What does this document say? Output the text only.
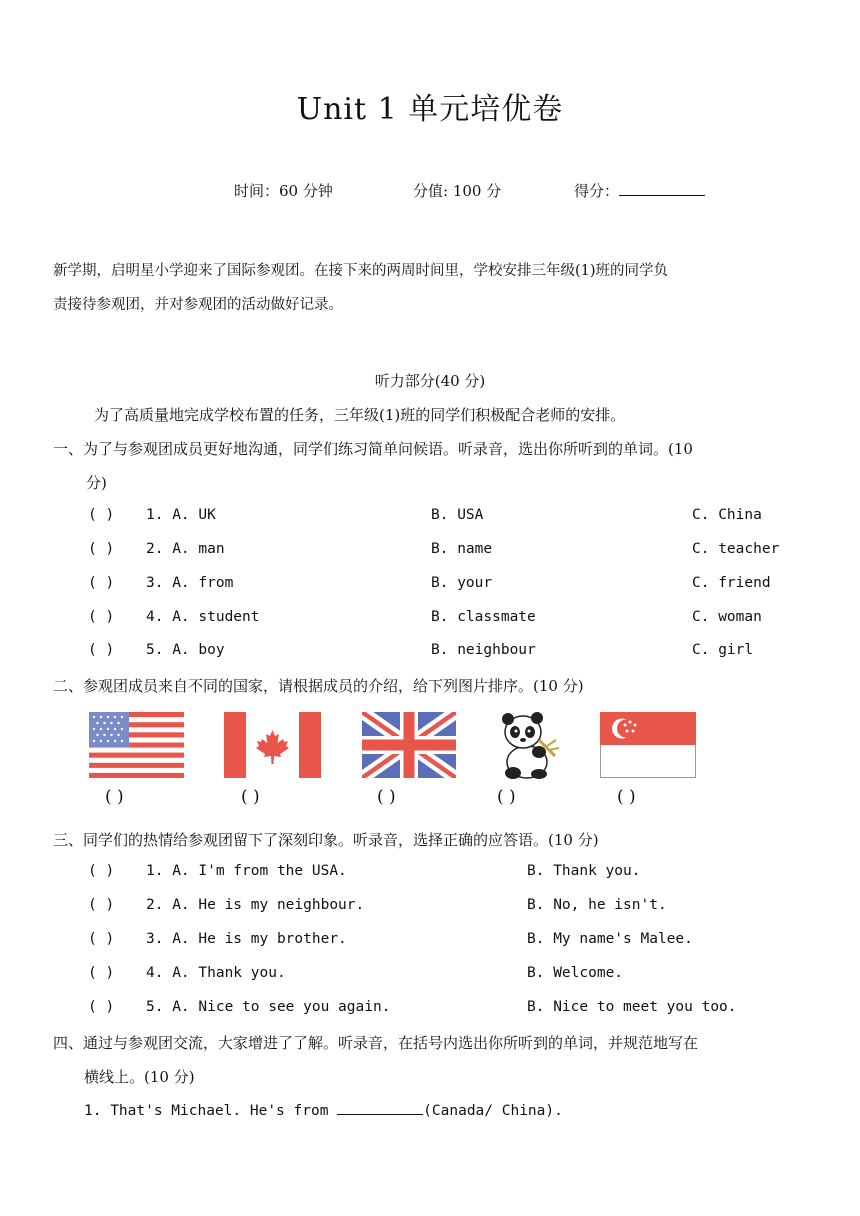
Unit 1 单元培优卷
时间：60 分钟	分值: 100 分	得分：
新学期，启明星小学迎来了国际参观团。在接下来的两周时间里，学校安排三年级(1)班的同学负
责接待参观团，并对参观团的活动做好记录。
听力部分(40 分)
为了高质量地完成学校布置的任务，三年级(1)班的同学们积极配合老师的安排。
一、为了与参观团成员更好地沟通，同学们练习简单问候语。听录音，选出你所听到的单词。(10
分)
( ) 1. A. UK	B. USA	C. China
( ) 2. A. man	B. name	C. teacher
( ) 3. A. from	B. your	C. friend
( ) 4. A. student	B. classmate	C. woman
( ) 5. A. boy	B. neighbour	C. girl
二、参观团成员来自不同的国家，请根据成员的介绍，给下列图片排序。(10 分)
( )	( )	( )	( )	( )
三、同学们的热情给参观团留下了深刻印象。听录音，选择正确的应答语。(10 分)
( ) 1. A. I'm from the USA.	B. Thank you.
( ) 2. A. He is my neighbour.	B. No, he isn't.
( ) 3. A. He is my brother.	B. My name's Malee.
( ) 4. A. Thank you.	B. Welcome.
( ) 5. A. Nice to see you again.	B. Nice to meet you too.
四、通过与参观团交流，大家增进了了解。听录音，在括号内选出你所听到的单词，并规范地写在
横线上。(10 分)
1. That's Michael. He's from	(Canada/ China).
